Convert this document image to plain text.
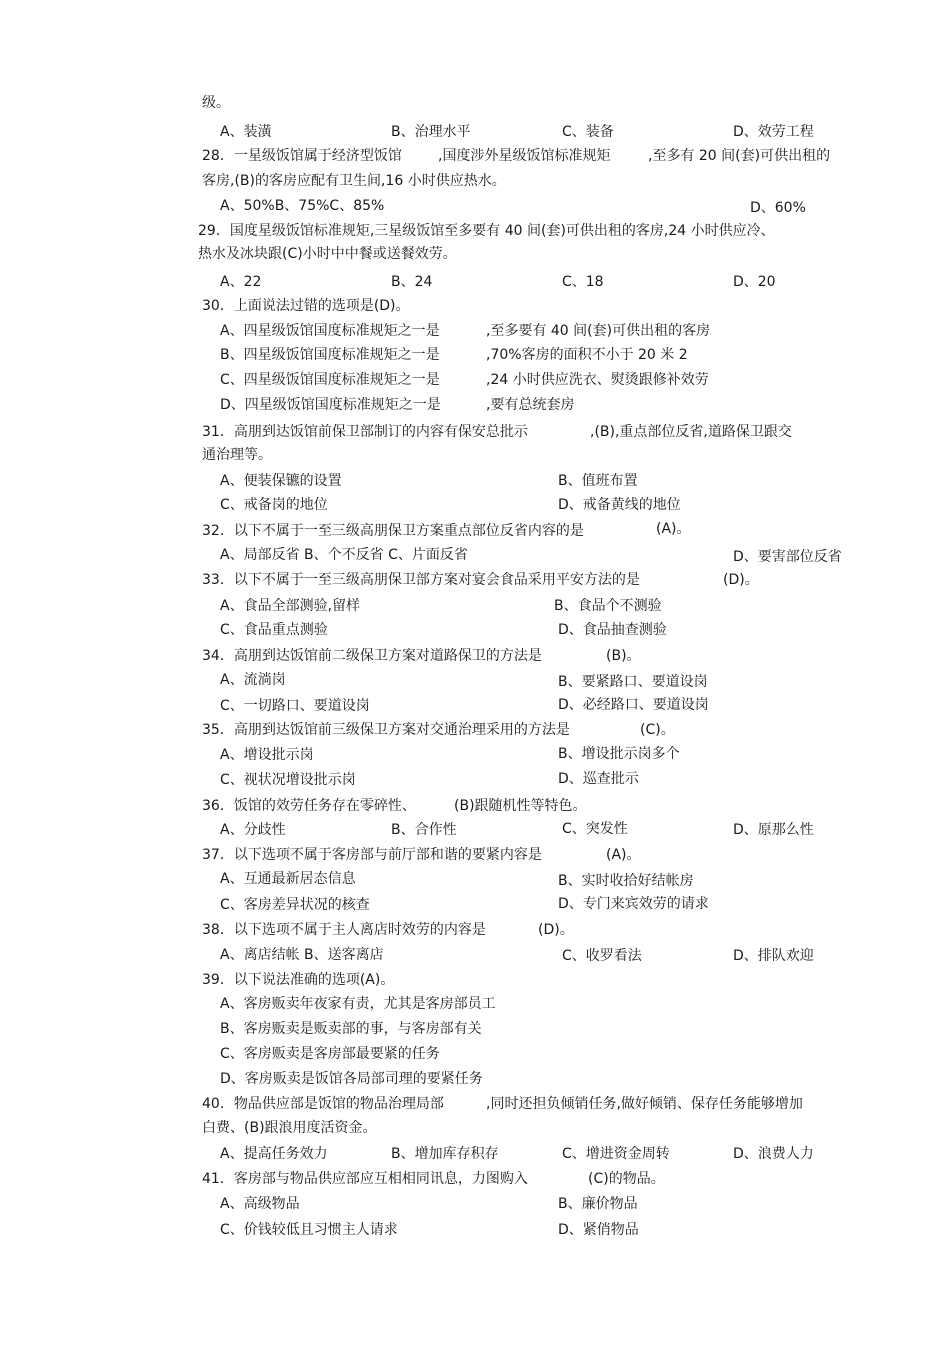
级。
A、装潢	B、治理水平	C、装备	D、效劳工程
28．一星级饭馆属于经济型饭馆	,国度涉外星级饭馆标准规矩	,至多有 20 间(套)可供出租的
客房,(B)的客房应配有卫生间,16 小时供应热水。
A、50%B、75%C、85%	D、60%
29．国度星级饭馆标准规矩,三星级饭馆至多要有 40 间(套)可供出租的客房,24 小时供应冷、
热水及冰块跟(C)小时中中餐或送餐效劳。
A、22	B、24	C、18	D、20
30．上面说法过错的选项是(D)。
A、四星级饭馆国度标准规矩之一是	,至多要有 40 间(套)可供出租的客房
B、四星级饭馆国度标准规矩之一是	,70%客房的面积不小于 20 米 2
C、四星级饭馆国度标准规矩之一是	,24 小时供应洗衣、熨烫跟修补效劳
D、四星级饭馆国度标准规矩之一是	,要有总统套房
31．高朋到达饭馆前保卫部制订的内容有保安总批示	,(B),重点部位反省,道路保卫跟交
通治理等。
A、便装保镳的设置	B、值班布置
C、戒备岗的地位	D、戒备黄线的地位
32．以下不属于一至三级高朋保卫方案重点部位反省内容的是	(A)。
A、局部反省 B、个不反省 C、片面反省	D、要害部位反省
33．以下不属于一至三级高朋保卫部方案对宴会食品采用平安方法的是	(D)。
A、食品全部测验,留样	B、食品个不测验
C、食品重点测验	D、食品抽查测验
34．高朋到达饭馆前二级保卫方案对道路保卫的方法是	(B)。
A、流淌岗	B、要紧路口、要道设岗
C、一切路口、要道设岗	D、必经路口、要道设岗
35．高朋到达饭馆前三级保卫方案对交通治理采用的方法是	(C)。
A、增设批示岗	B、增设批示岗多个
C、视状况增设批示岗	D、巡查批示
36．饭馆的效劳任务存在零碎性、	(B)跟随机性等特色。
A、分歧性	B、合作性	C、突发性	D、原那么性
37．以下选项不属于客房部与前厅部和谐的要紧内容是	(A)。
A、互通最新居态信息	B、实时收拾好结帐房
C、客房差异状况的核查	D、专门来宾效劳的请求
38．以下选项不属于主人离店时效劳的内容是	(D)。
A、离店结帐 B、送客离店	C、收罗看法	D、排队欢迎
39．以下说法准确的选项(A)。
A、客房贩卖年夜家有责，尤其是客房部员工
B、客房贩卖是贩卖部的事，与客房部有关
C、客房贩卖是客房部最要紧的任务
D、客房贩卖是饭馆各局部司理的要紧任务
40．物品供应部是饭馆的物品治理局部	,同时还担负倾销任务,做好倾销、保存任务能够增加
白费、(B)跟浪用度活资金。
A、提高任务效力	B、增加库存积存	C、增进资金周转	D、浪费人力
41．客房部与物品供应部应互相相同讯息，力图购入	(C)的物品。
A、高级物品	B、廉价物品
C、价钱较低且习惯主人请求	D、紧俏物品
